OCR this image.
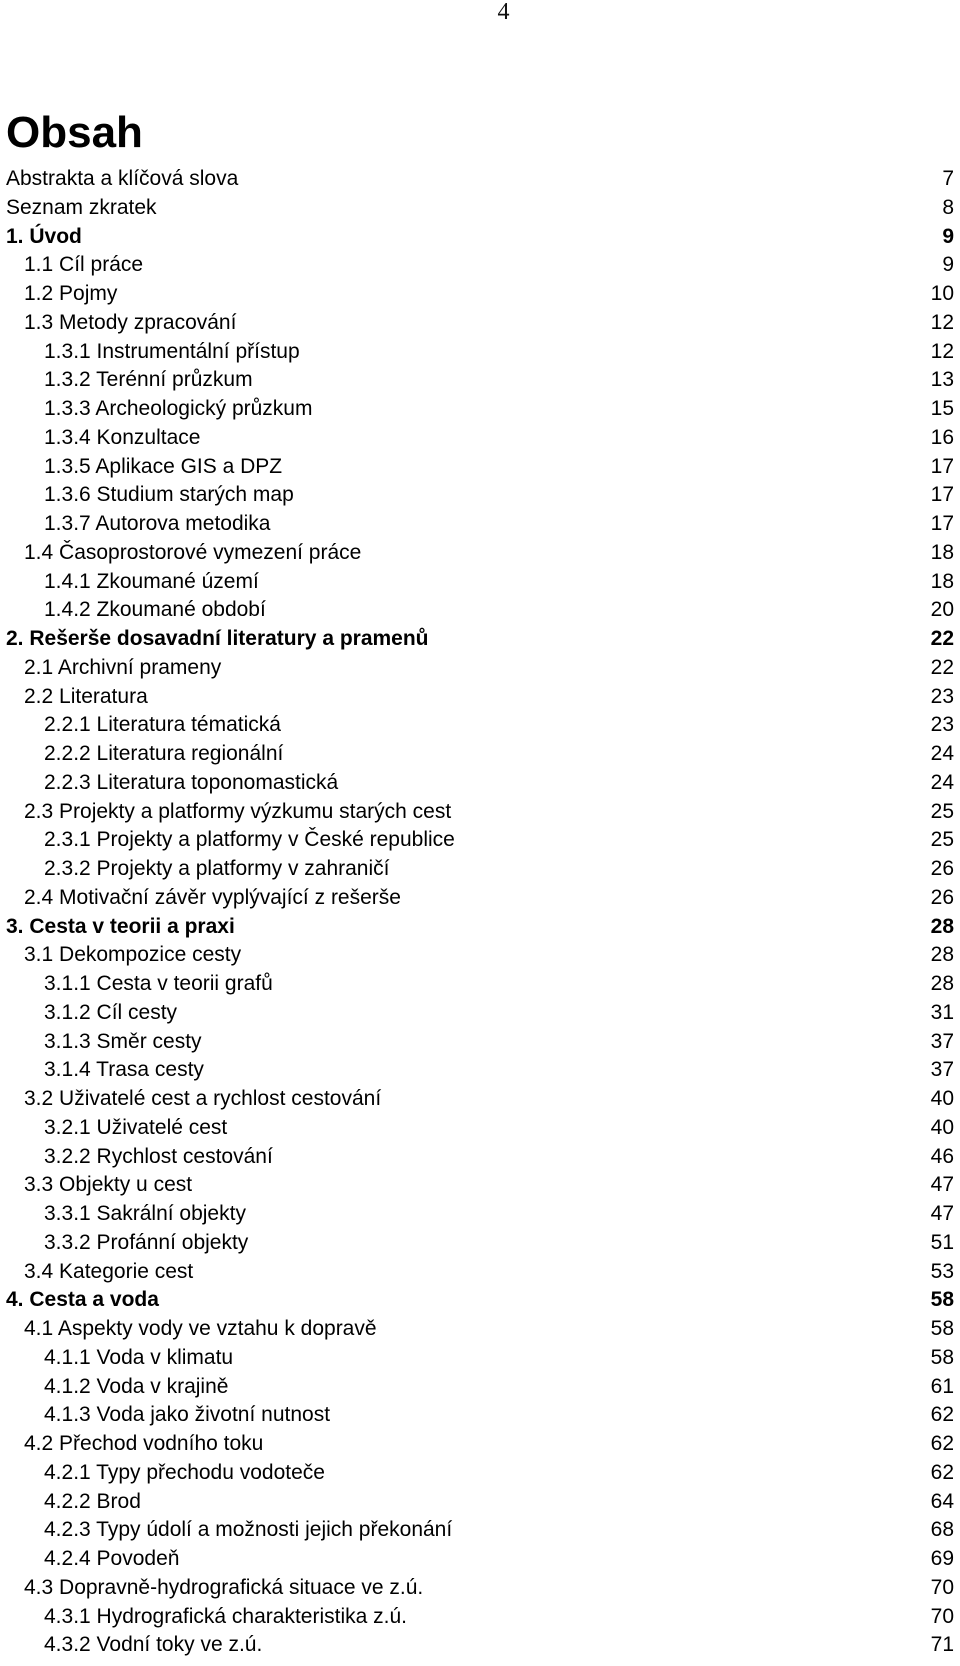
4
Obsah
Abstrakta a klíčová slova	7
Seznam zkratek	8
1. Úvod	9
1.1 Cíl práce	9
1.2 Pojmy	10
1.3 Metody zpracování	12
1.3.1 Instrumentální přístup	12
1.3.2 Terénní průzkum	13
1.3.3 Archeologický průzkum	15
1.3.4 Konzultace	16
1.3.5 Aplikace GIS a DPZ	17
1.3.6 Studium starých map	17
1.3.7 Autorova metodika	17
1.4 Časoprostorové vymezení práce	18
1.4.1 Zkoumané území	18
1.4.2 Zkoumané období	20
2. Rešerše dosavadní literatury a pramenů	22
2.1 Archivní prameny	22
2.2 Literatura	23
2.2.1 Literatura tématická	23
2.2.2 Literatura regionální	24
2.2.3 Literatura toponomastická	24
2.3 Projekty a platformy výzkumu starých cest	25
2.3.1 Projekty a platformy v České republice	25
2.3.2 Projekty a platformy v zahraničí	26
2.4 Motivační závěr vyplývající z rešerše	26
3. Cesta v teorii a praxi	28
3.1 Dekompozice cesty	28
3.1.1 Cesta v teorii grafů	28
3.1.2 Cíl cesty	31
3.1.3 Směr cesty	37
3.1.4 Trasa cesty	37
3.2 Uživatelé cest a rychlost cestování	40
3.2.1 Uživatelé cest	40
3.2.2 Rychlost cestování	46
3.3 Objekty u cest	47
3.3.1 Sakrální objekty	47
3.3.2 Profánní objekty	51
3.4 Kategorie cest	53
4. Cesta a voda	58
4.1 Aspekty vody ve vztahu k dopravě	58
4.1.1 Voda v klimatu	58
4.1.2 Voda v krajině	61
4.1.3 Voda jako životní nutnost	62
4.2 Přechod vodního toku	62
4.2.1 Typy přechodu vodoteče	62
4.2.2 Brod	64
4.2.3 Typy údolí a možnosti jejich překonání	68
4.2.4 Povodeň	69
4.3 Dopravně-hydrografická situace ve z.ú.	70
4.3.1 Hydrografická charakteristika z.ú.	70
4.3.2 Vodní toky ve z.ú.	71
